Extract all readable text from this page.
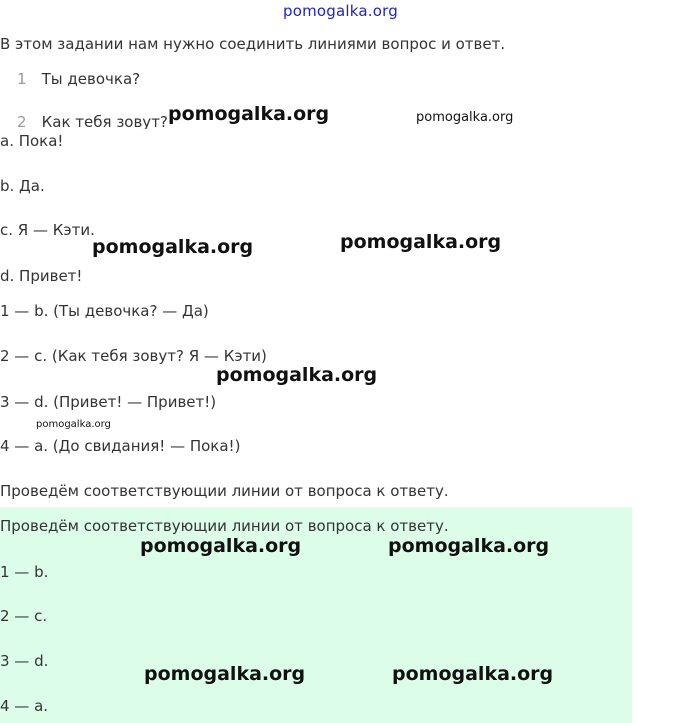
pomogalka.org
В этом задании нам нужно соединить линиями вопрос и ответ.
1 Ты девочка?
2 Как тебя зовут?
a. Пока!
b. Да.
c. Я — Кэти.
d. Привет!
1 — b. (Ты девочка? — Да)
2 — c. (Как тебя зовут? Я — Кэти)
3 — d. (Привет! — Привет!)
4 — a. (До свидания! — Пока!)
Проведём соответствующии линии от вопроса к ответу.
Проведём соответствующии линии от вопроса к ответу.
1 — b.
2 — c.
3 — d.
4 — a.
pomogalka.org	pomogalka.org
pomogalka.org	pomogalka.org
pomogalka.org
pomogalka.org
pomogalka.org	pomogalka.org
pomogalka.org	pomogalka.org
